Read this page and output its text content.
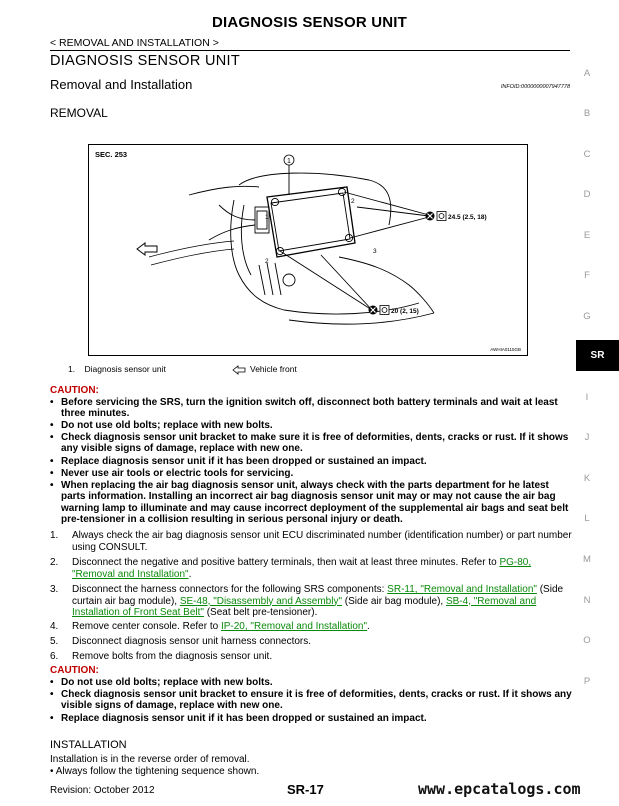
DIAGNOSIS SENSOR UNIT
< REMOVAL AND INSTALLATION >
DIAGNOSIS SENSOR UNIT
Removal and Installation	INFOID:0000000007947778
REMOVAL
SEC. 253
1
2
1
3
2
24.5 (2.5, 18)
20 (2, 15)
AWHIA0115GB
1.    Diagnosis sensor unit	Vehicle front
CAUTION:
• Before servicing the SRS, turn the ignition switch off, disconnect both battery terminals and wait at least three minutes.
• Do not use old bolts; replace with new bolts.
• Check diagnosis sensor unit bracket to make sure it is free of deformities, dents, cracks or rust. If it shows any visible signs of damage, replace with new one.
• Replace diagnosis sensor unit if it has been dropped or sustained an impact.
• Never use air tools or electric tools for servicing.
• When replacing the air bag diagnosis sensor unit, always check with the parts department for he latest parts information. Installing an incorrect air bag diagnosis sensor unit may or may not cause the air bag warning lamp to illuminate and may cause incorrect deployment of the supplemental air bags and seat belt pre-tensioner in a collision resulting in serious personal injury or death.
1. Always check the air bag diagnosis sensor unit ECU discriminated number (identification number) or part number using CONSULT.
2. Disconnect the negative and positive battery terminals, then wait at least three minutes. Refer to PG-80, "Removal and Installation".
3. Disconnect the harness connectors for the following SRS components: SR-11, "Removal and Installation" (Side curtain air bag module), SE-48, "Disassembly and Assembly" (Side air bag module), SB-4, "Removal and Installation of Front Seat Belt" (Seat belt pre-tensioner).
4. Remove center console. Refer to IP-20, "Removal and Installation".
5. Disconnect diagnosis sensor unit harness connectors.
6. Remove bolts from the diagnosis sensor unit.
CAUTION:
• Do not use old bolts; replace with new bolts.
• Check diagnosis sensor unit bracket to ensure it is free of deformities, dents, cracks or rust. If it shows any visible signs of damage, replace with new one.
• Replace diagnosis sensor unit if it has been dropped or sustained an impact.
INSTALLATION
Installation is in the reverse order of removal.
• Always follow the tightening sequence shown.
Revision: October 2012	SR-17	www.epcatalogs.com
A
B
C
D
E
F
G
SR
I
J
K
L
M
N
O
P
